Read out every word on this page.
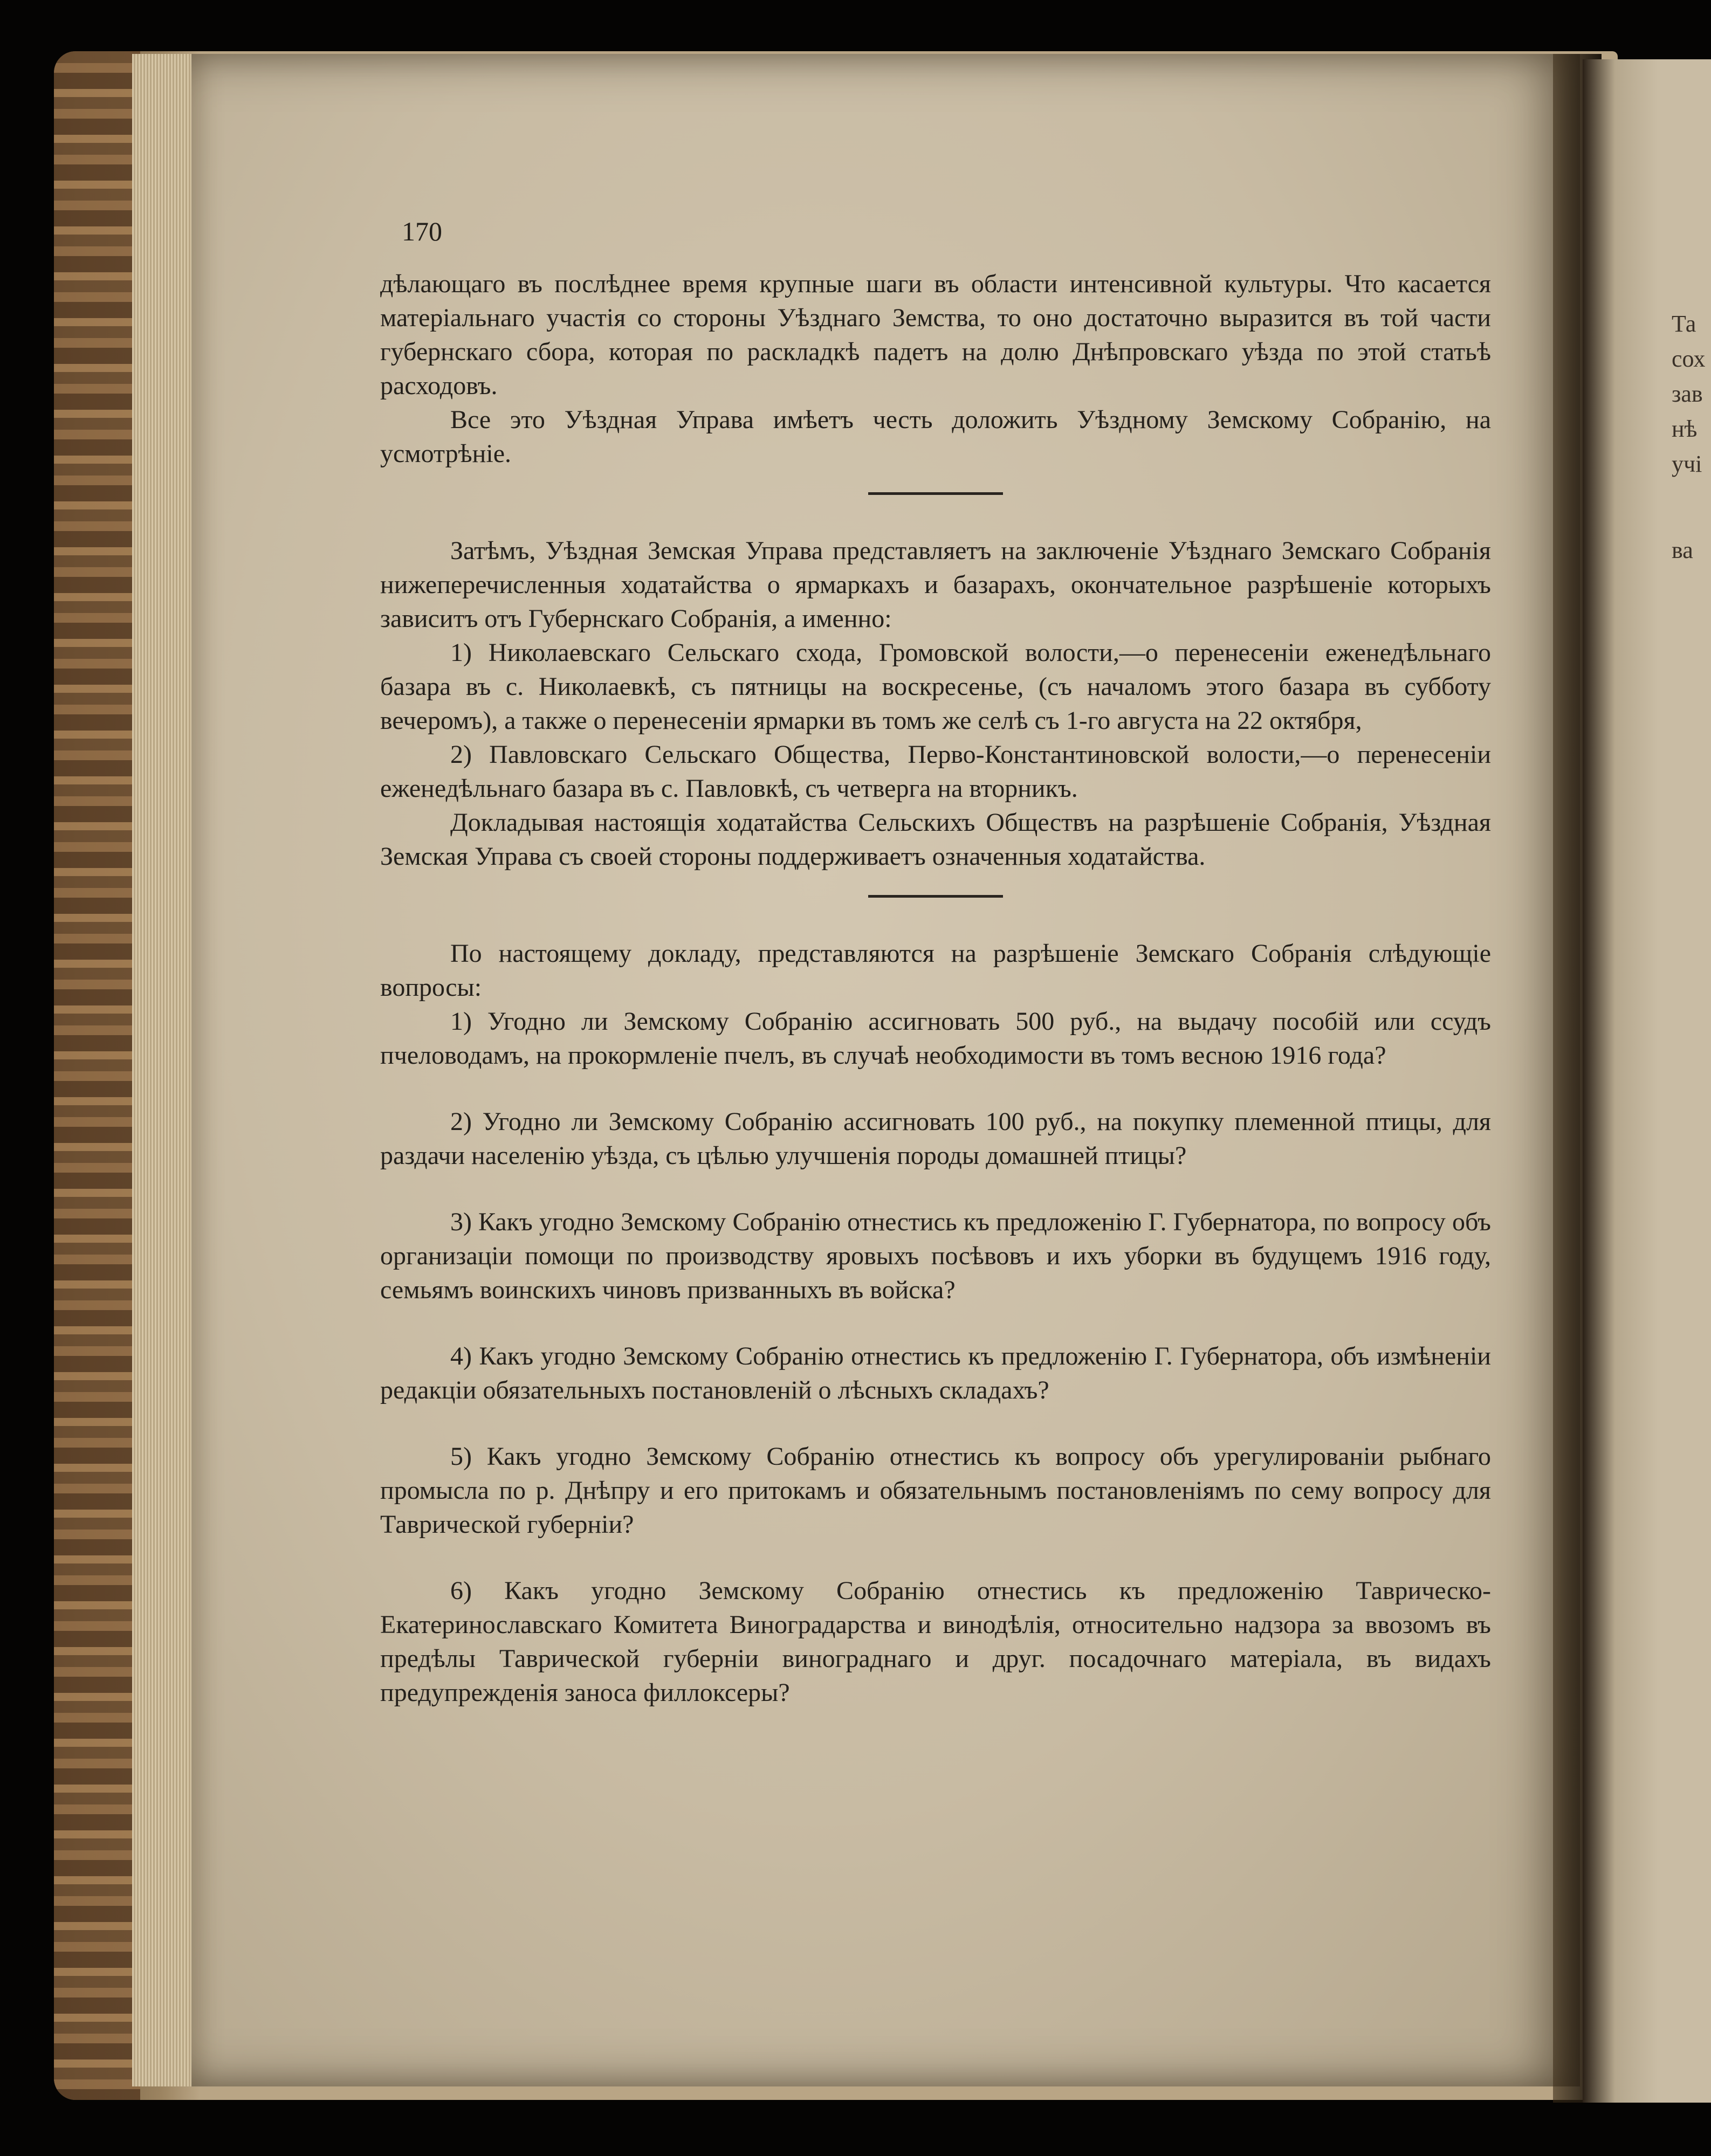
Та
сох
зав
нѣ
учі
ва
170

дѣлающаго въ послѣднее время крупные шаги въ области интенсивной культуры. Что касается матеріальнаго участія со стороны Уѣзднаго Земства, то оно достаточно выразится въ той части губернскаго сбора, которая по раскладкѣ падетъ на долю Днѣпровскаго уѣзда по этой статьѣ расходовъ.

Все это Уѣздная Управа имѣетъ честь доложить Уѣздному Земскому Собранію, на усмотрѣніе.

Затѣмъ, Уѣздная Земская Управа представляетъ на заключеніе Уѣзднаго Земскаго Собранія нижеперечисленныя ходатайства о ярмаркахъ и базарахъ, окончательное разрѣшеніе которыхъ зависитъ отъ Губернскаго Собранія, а именно:

1) Николаевскаго Сельскаго схода, Громовской волости,—о перенесеніи еженедѣльнаго базара въ с. Николаевкѣ, съ пятницы на воскресенье, (съ началомъ этого базара въ субботу вечеромъ), а также о перенесеніи ярмарки въ томъ же селѣ съ 1-го августа на 22 октября,

2) Павловскаго Сельскаго Общества, Перво-Константиновской волости,—о перенесеніи еженедѣльнаго базара въ с. Павловкѣ, съ четверга на вторникъ.

Докладывая настоящія ходатайства Сельскихъ Обществъ на разрѣшеніе Собранія, Уѣздная Земская Управа съ своей стороны поддерживаетъ означенныя ходатайства.

По настоящему докладу, представляются на разрѣшеніе Земскаго Собранія слѣдующіе вопросы:

1) Угодно ли Земскому Собранію ассигновать 500 руб., на выдачу пособій или ссудъ пчеловодамъ, на прокормленіе пчелъ, въ случаѣ необходимости въ томъ весною 1916 года?

2) Угодно ли Земскому Собранію ассигновать 100 руб., на покупку племенной птицы, для раздачи населенію уѣзда, съ цѣлью улучшенія породы домашней птицы?

3) Какъ угодно Земскому Собранію отнестись къ предложенію Г. Губернатора, по вопросу объ организаціи помощи по производству яровыхъ посѣвовъ и ихъ уборки въ будущемъ 1916 году, семьямъ воинскихъ чиновъ призванныхъ въ войска?

4) Какъ угодно Земскому Собранію отнестись къ предложенію Г. Губернатора, объ измѣненіи редакціи обязательныхъ постановленій о лѣсныхъ складахъ?

5) Какъ угодно Земскому Собранію отнестись къ вопросу объ урегулированіи рыбнаго промысла по р. Днѣпру и его притокамъ и обязательнымъ постановленіямъ по сему вопросу для Таврической губерніи?

6) Какъ угодно Земскому Собранію отнестись къ предложенію Таврическо-Екатеринославскаго Комитета Виноградарства и винодѣлія, относительно надзора за ввозомъ въ предѣлы Таврической губерніи винограднаго и друг. посадочнаго матеріала, въ видахъ предупрежденія заноса филлоксеры?
